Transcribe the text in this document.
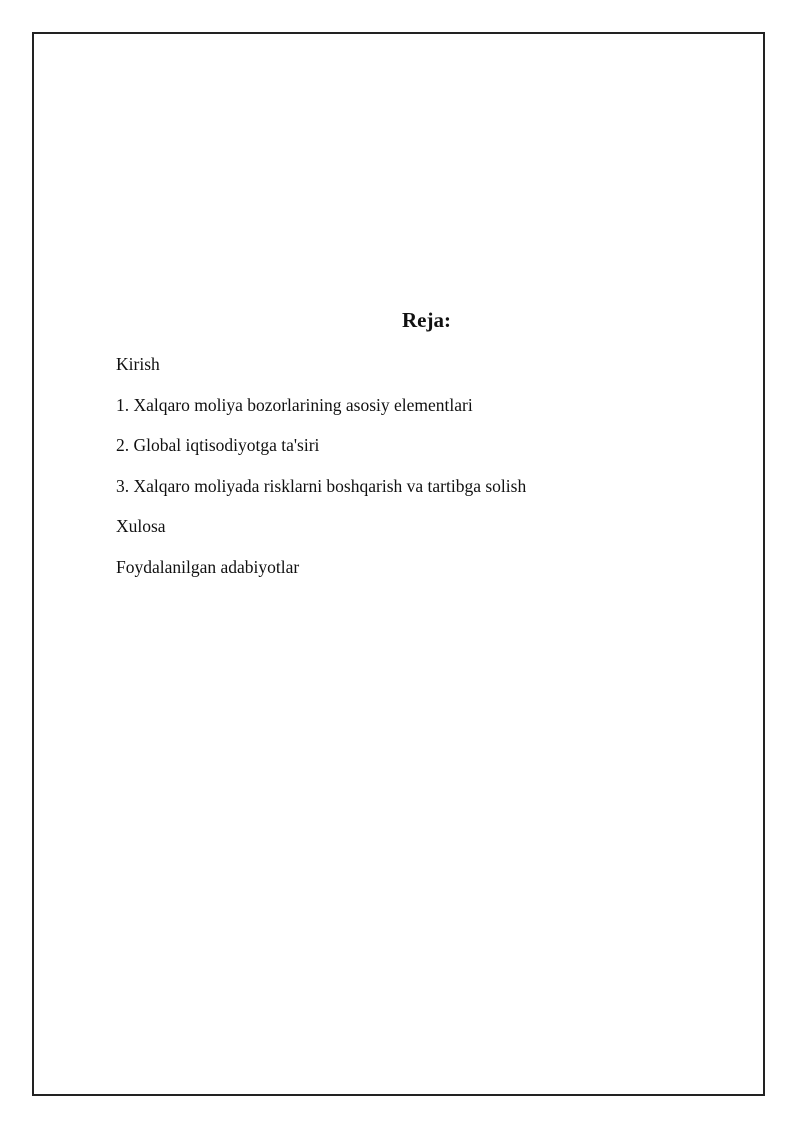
Reja:
Kirish
1. Xalqaro moliya bozorlarining asosiy elementlari
2. Global iqtisodiyotga ta'siri
3. Xalqaro moliyada risklarni boshqarish va tartibga solish
Xulosa
Foydalanilgan adabiyotlar
